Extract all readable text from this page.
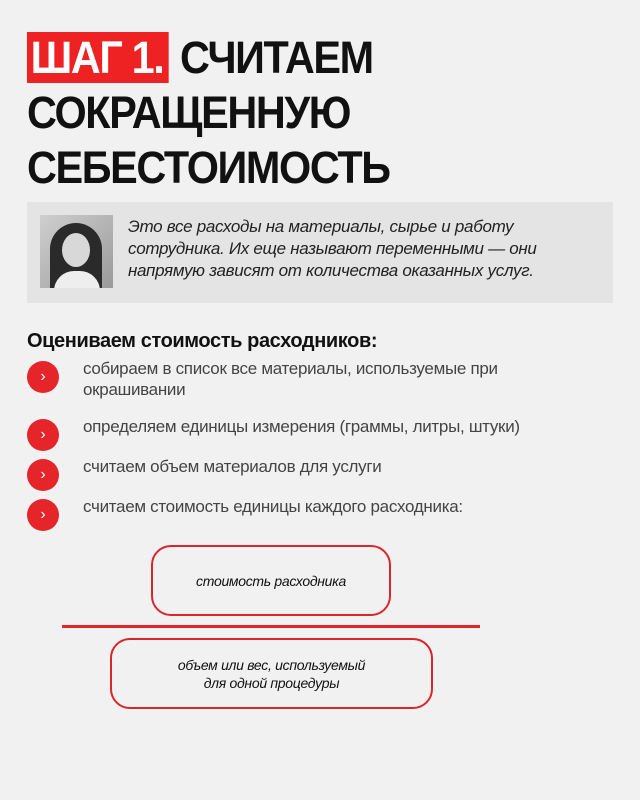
ШАГ 1. СЧИТАЕМ
СОКРАЩЕННУЮ
СЕБЕСТОИМОСТЬ
Это все расходы на материалы, сырье и работу сотрудника. Их еще называют переменными — они напрямую зависят от количества оказанных услуг.
Оцениваем стоимость расходников:
›	собираем в список все материалы, используемые при окрашивании
›	определяем единицы измерения (граммы, литры, штуки)
›	считаем объем материалов для услуги
›	считаем стоимость единицы каждого расходника:
стоимость расходника
объем или вес, используемый
для одной процедуры
